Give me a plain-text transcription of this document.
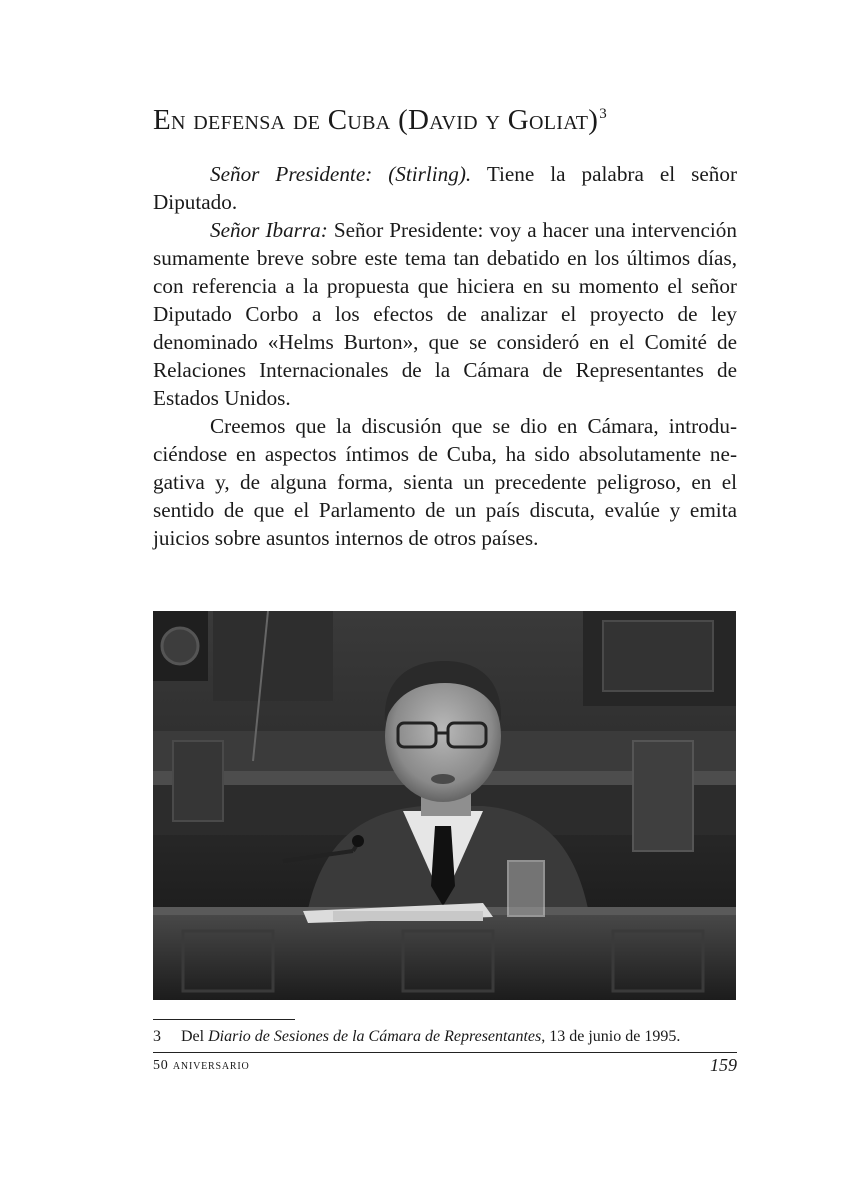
En defensa de Cuba (David y Goliat)$^3$

Señor Presidente: (Stirling). Tiene la palabra el señor Diputado.

Señor Ibarra: Señor Presidente: voy a hacer una intervención sumamente breve sobre este tema tan debatido en los últimos días, con referencia a la propuesta que hiciera en su momento el señor Diputado Corbo a los efectos de analizar el proyecto de ley denominado «Helms Burton», que se consideró en el Comité de Relaciones Internacionales de la Cámara de Representantes de Estados Unidos.

Creemos que la discusión que se dio en Cámara, introduciéndose en aspectos íntimos de Cuba, ha sido absolutamente negativa y, de alguna forma, sienta un precedente peligroso, en el sentido de que el Parlamento de un país discuta, evalúe y emita juicios sobre asuntos internos de otros países.

3 Del Diario de Sesiones de la Cámara de Representantes, 13 de junio de 1995.
50 aniversario	159
